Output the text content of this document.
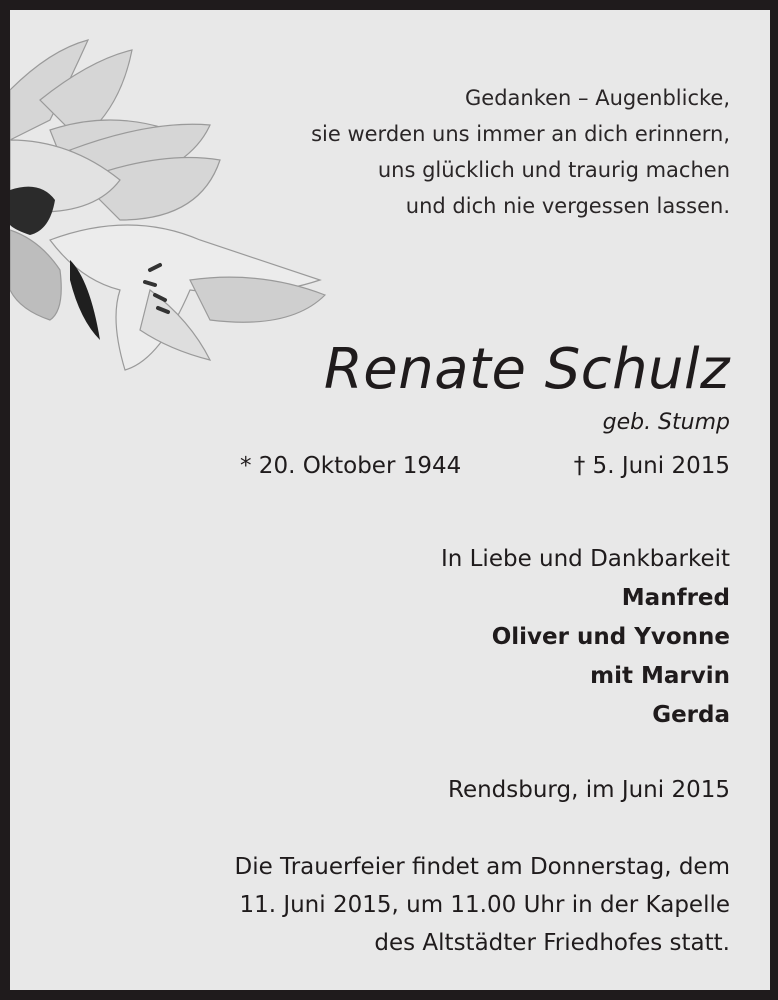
Gedanken – Augenblicke,
sie werden uns immer an dich erinnern,
uns glücklich und traurig machen
und dich nie vergessen lassen.
Renate Schulz
geb. Stump
* 20. Oktober 1944	† 5. Juni 2015
In Liebe und Dankbarkeit
Manfred
Oliver und Yvonne
mit Marvin
Gerda
Rendsburg, im Juni 2015
Die Trauerfeier findet am Donnerstag, dem
11. Juni 2015, um 11.00 Uhr in der Kapelle
des Altstädter Friedhofes statt.
